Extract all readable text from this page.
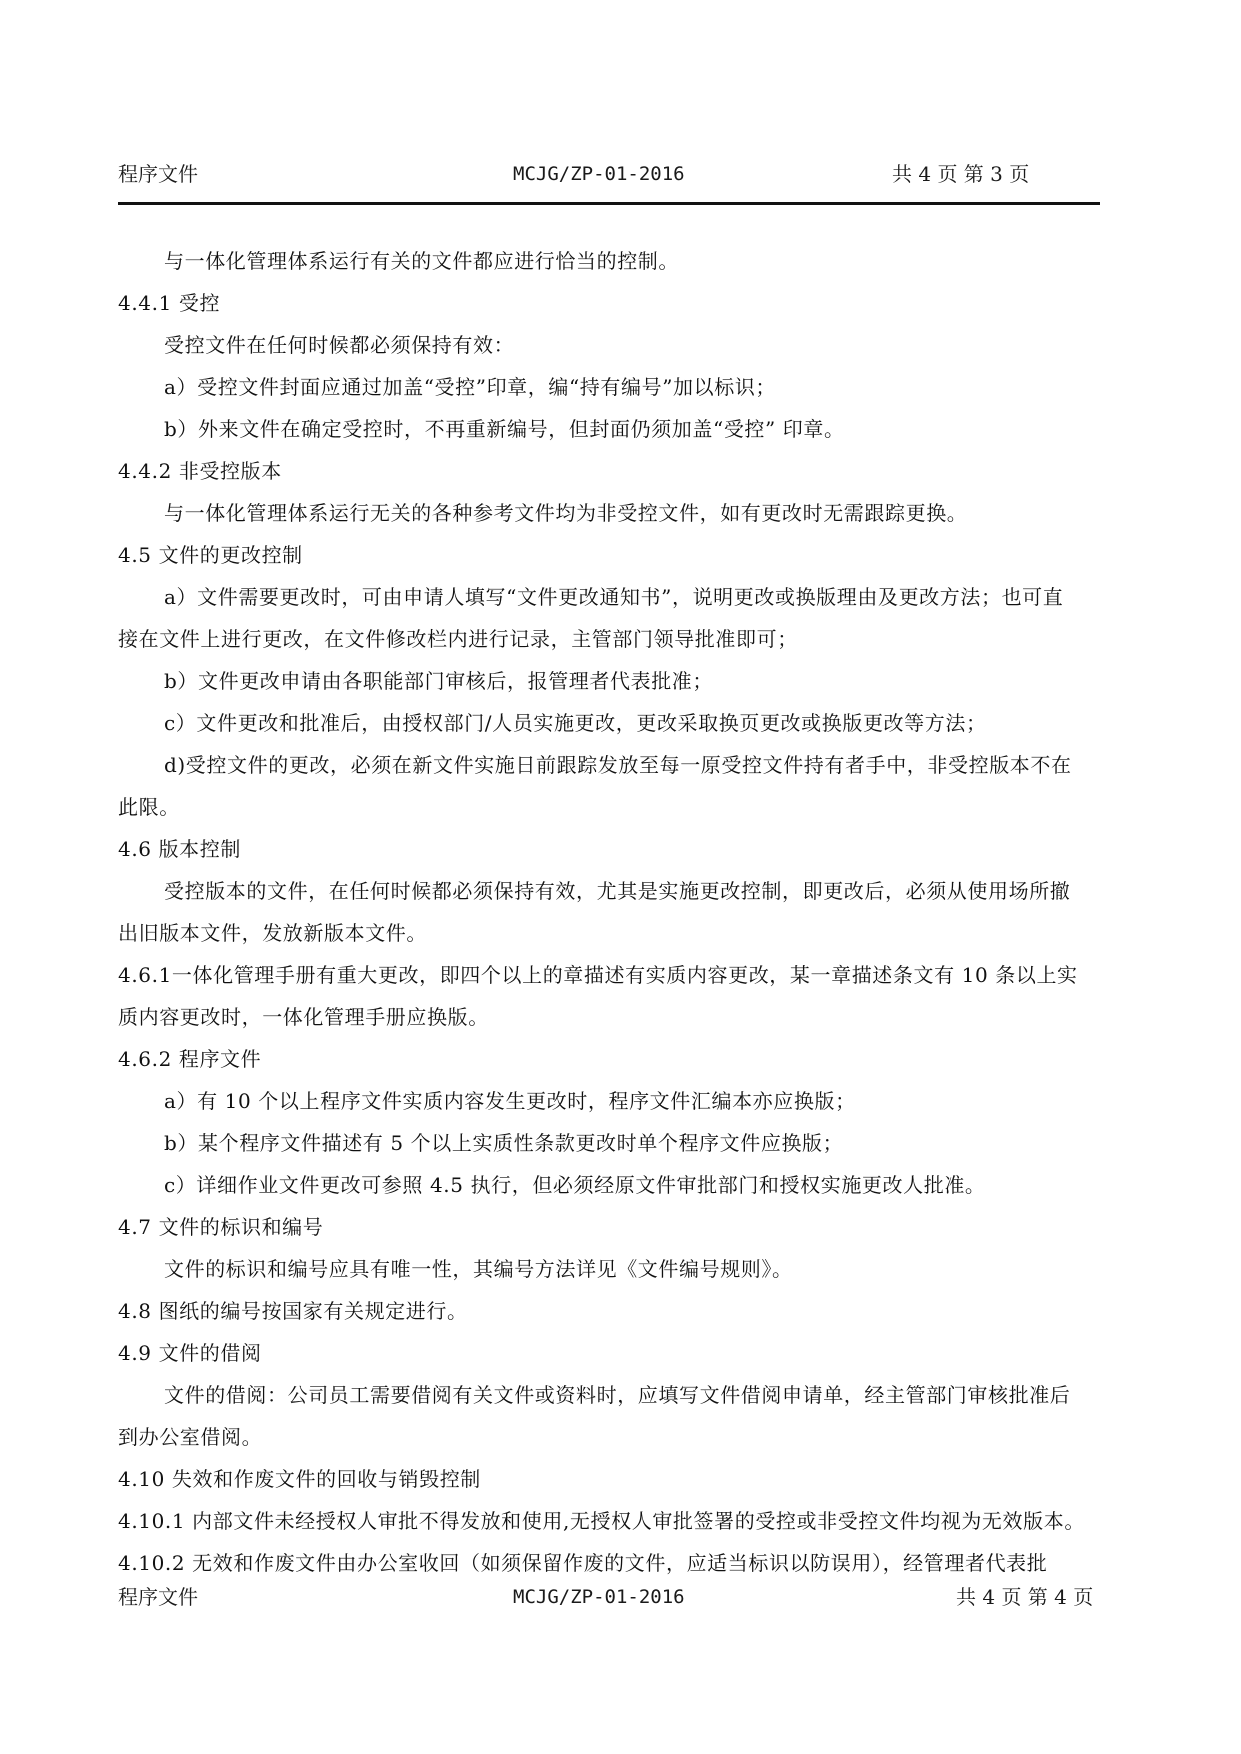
程序文件	MCJG/ZP-01-2016	共 4 页 第 3 页
与一体化管理体系运行有关的文件都应进行恰当的控制。
4.4.1 受控
受控文件在任何时候都必须保持有效：
a）受控文件封面应通过加盖“受控”印章，编“持有编号”加以标识；
b）外来文件在确定受控时，不再重新编号，但封面仍须加盖“受控” 印章。
4.4.2 非受控版本
与一体化管理体系运行无关的各种参考文件均为非受控文件，如有更改时无需跟踪更换。
4.5 文件的更改控制
a）文件需要更改时，可由申请人填写“文件更改通知书”，说明更改或换版理由及更改方法；也可直
接在文件上进行更改，在文件修改栏内进行记录，主管部门领导批准即可；
b）文件更改申请由各职能部门审核后，报管理者代表批准；
c）文件更改和批准后，由授权部门/人员实施更改，更改采取换页更改或换版更改等方法；
d)受控文件的更改，必须在新文件实施日前跟踪发放至每一原受控文件持有者手中，非受控版本不在
此限。
4.6 版本控制
受控版本的文件，在任何时候都必须保持有效，尤其是实施更改控制，即更改后，必须从使用场所撤
出旧版本文件，发放新版本文件。
4.6.1一体化管理手册有重大更改，即四个以上的章描述有实质内容更改，某一章描述条文有 10 条以上实
质内容更改时，一体化管理手册应换版。
4.6.2 程序文件
a）有 10 个以上程序文件实质内容发生更改时，程序文件汇编本亦应换版；
b）某个程序文件描述有 5 个以上实质性条款更改时单个程序文件应换版；
c）详细作业文件更改可参照 4.5 执行，但必须经原文件审批部门和授权实施更改人批准。
4.7 文件的标识和编号
文件的标识和编号应具有唯一性，其编号方法详见《文件编号规则》。
4.8 图纸的编号按国家有关规定进行。
4.9 文件的借阅
文件的借阅：公司员工需要借阅有关文件或资料时，应填写文件借阅申请单，经主管部门审核批准后
到办公室借阅。
4.10 失效和作废文件的回收与销毁控制
4.10.1 内部文件未经授权人审批不得发放和使用,无授权人审批签署的受控或非受控文件均视为无效版本。
4.10.2 无效和作废文件由办公室收回（如须保留作废的文件，应适当标识以防误用），经管理者代表批
程序文件	MCJG/ZP-01-2016	共 4 页 第 4 页
